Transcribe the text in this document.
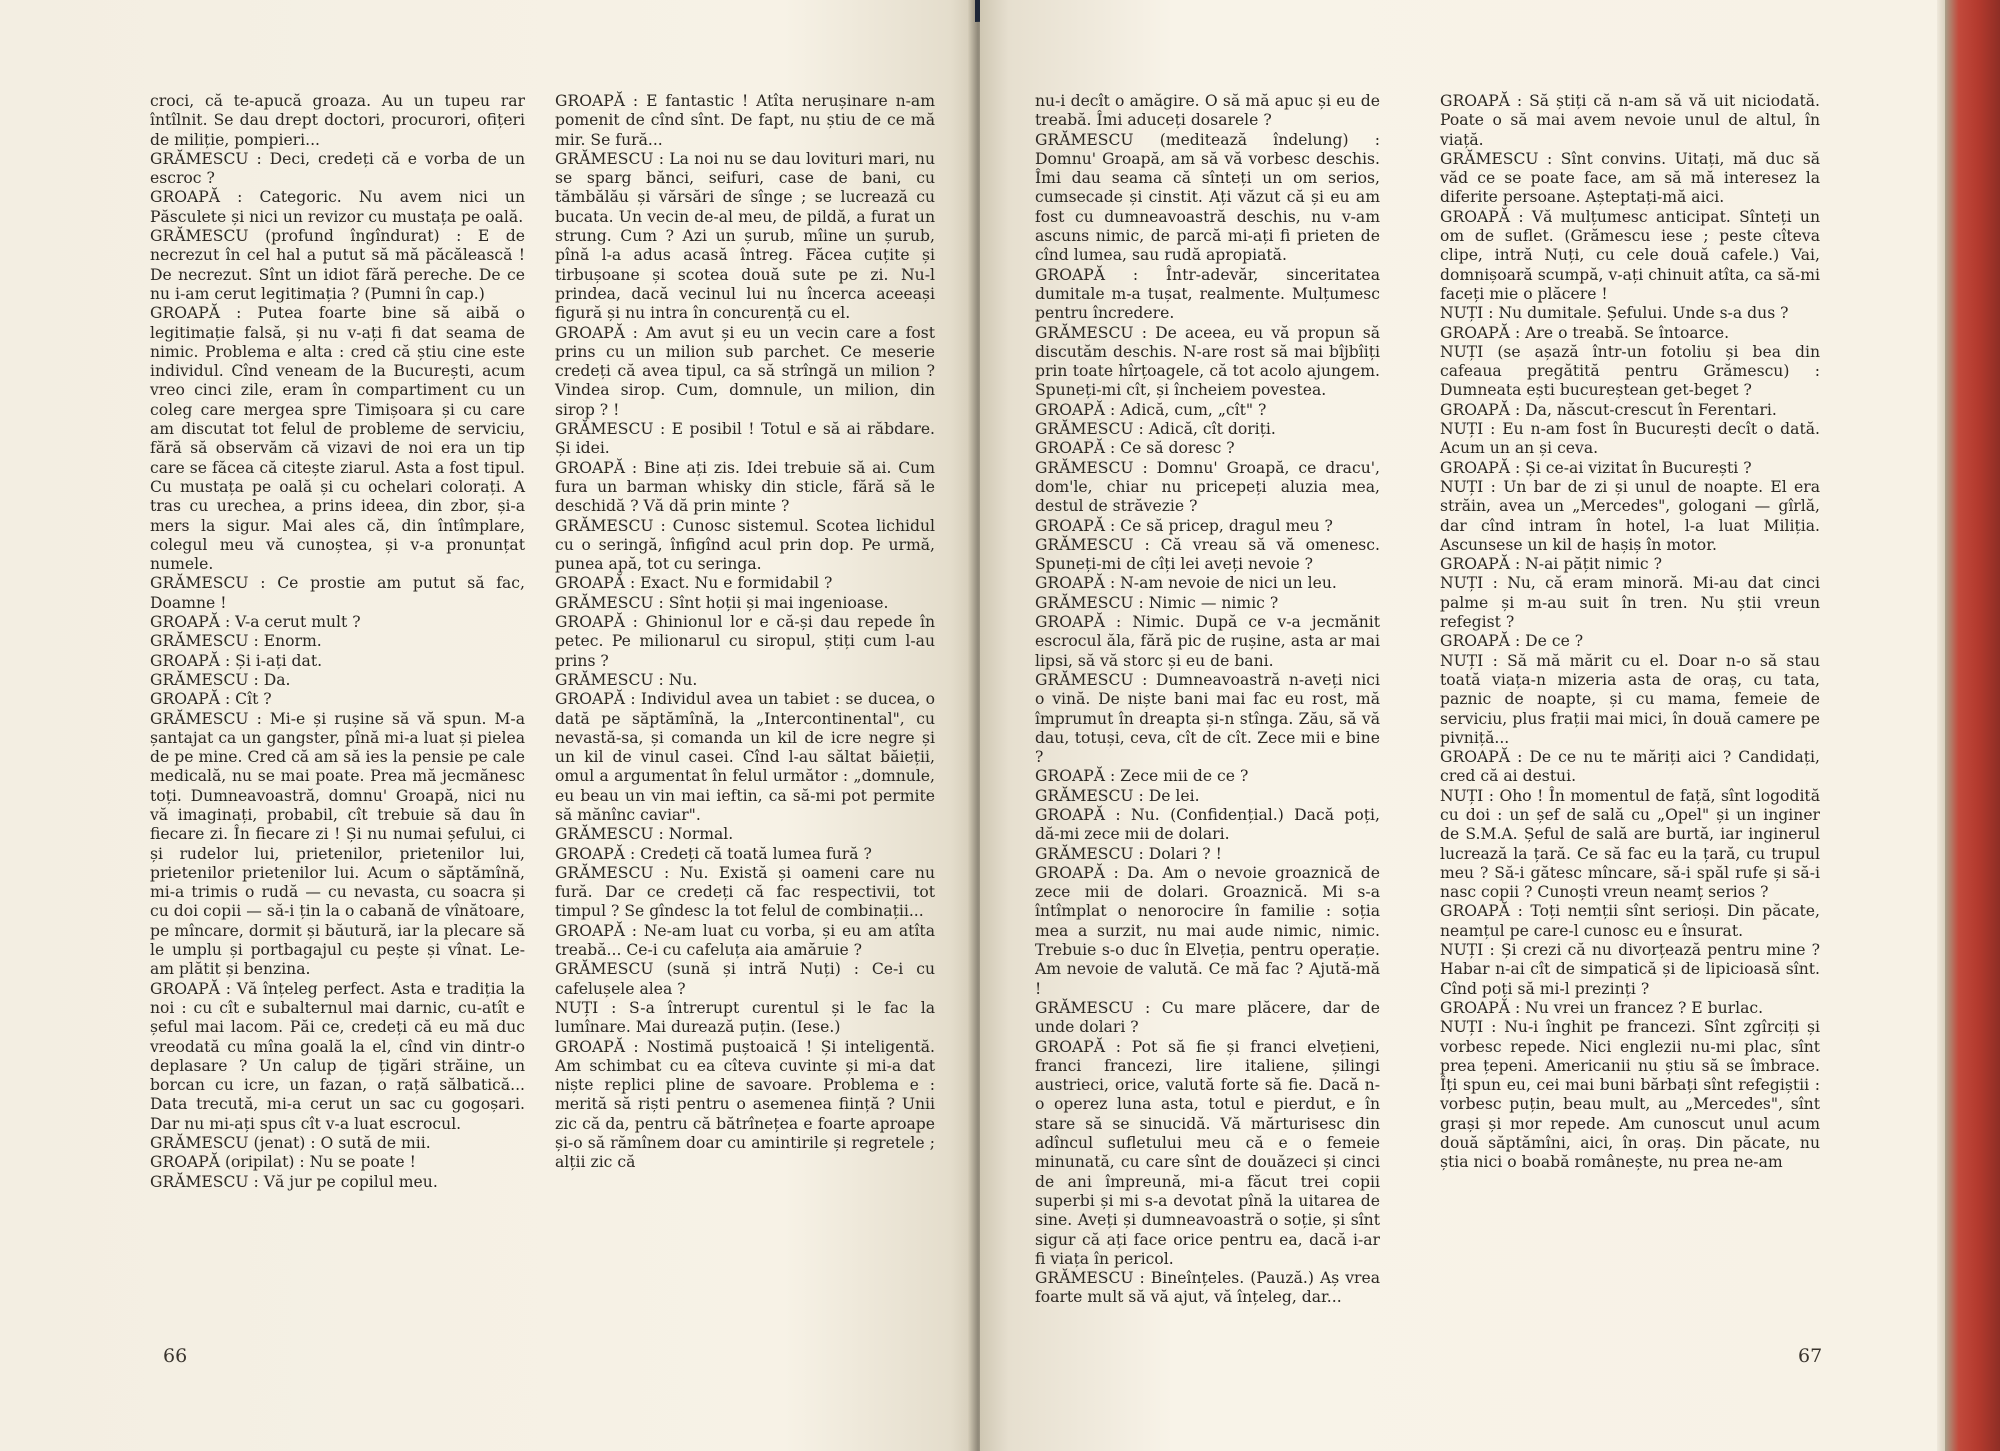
croci, că te-apucă groaza. Au un tupeu rar întîlnit. Se dau drept doctori, procurori, ofițeri de miliție, pompieri...

GRĂMESCU : Deci, credeți că e vorba de un escroc ?

GROAPĂ : Categoric. Nu avem nici un Păsculete și nici un revizor cu mustața pe oală.

GRĂMESCU (profund îngîndurat) : E de necrezut în cel hal a putut să mă păcălească ! De necrezut. Sînt un idiot fără pereche. De ce nu i-am cerut legitimația ? (Pumni în cap.)

GROAPĂ : Putea foarte bine să aibă o legitimație falsă, și nu v-ați fi dat seama de nimic. Problema e alta : cred că știu cine este individul. Cînd veneam de la București, acum vreo cinci zile, eram în compartiment cu un coleg care mergea spre Timișoara și cu care am discutat tot felul de probleme de serviciu, fără să observăm că vizavi de noi era un tip care se făcea că citește ziarul. Asta a fost tipul. Cu mustața pe oală și cu ochelari colorați. A tras cu urechea, a prins ideea, din zbor, și-a mers la sigur. Mai ales că, din întîmplare, colegul meu vă cunoștea, și v-a pronunțat numele.

GRĂMESCU : Ce prostie am putut să fac, Doamne !

GROAPĂ : V-a cerut mult ?

GRĂMESCU : Enorm.

GROAPĂ : Și i-ați dat.

GRĂMESCU : Da.

GROAPĂ : Cît ?

GRĂMESCU : Mi-e și rușine să vă spun. M-a șantajat ca un gangster, pînă mi-a luat și pielea de pe mine. Cred că am să ies la pensie pe cale medicală, nu se mai poate. Prea mă jecmănesc toți. Dumneavoastră, domnu' Groapă, nici nu vă imaginați, probabil, cît trebuie să dau în fiecare zi. În fiecare zi ! Și nu numai șefului, ci și rudelor lui, prietenilor, prietenilor lui, prietenilor prietenilor lui. Acum o săptămînă, mi-a trimis o rudă — cu nevasta, cu soacra și cu doi copii — să-i țin la o cabană de vînătoare, pe mîncare, dormit și băutură, iar la plecare să le umplu și portbagajul cu pește și vînat. Le-am plătit și benzina.

GROAPĂ : Vă înțeleg perfect. Asta e tradiția la noi : cu cît e subalternul mai darnic, cu-atît e șeful mai lacom. Păi ce, credeți că eu mă duc vreodată cu mîna goală la el, cînd vin dintr-o deplasare ? Un calup de țigări străine, un borcan cu icre, un fazan, o rață sălbatică... Data trecută, mi-a cerut un sac cu gogoșari. Dar nu mi-ați spus cît v-a luat escrocul.

GRĂMESCU (jenat) : O sută de mii.

GROAPĂ (oripilat) : Nu se poate !

GRĂMESCU : Vă jur pe copilul meu.

GROAPĂ : E fantastic ! Atîta nerușinare n-am pomenit de cînd sînt. De fapt, nu știu de ce mă mir. Se fură...

GRĂMESCU : La noi nu se dau lovituri mari, nu se sparg bănci, seifuri, case de bani, cu tămbălău și vărsări de sînge ; se lucrează cu bucata. Un vecin de-al meu, de pildă, a furat un strung. Cum ? Azi un șurub, mîine un șurub, pînă l-a adus acasă întreg. Făcea cuțite și tirbușoane și scotea două sute pe zi. Nu-l prindea, dacă vecinul lui nu încerca aceeași figură și nu intra în concurență cu el.

GROAPĂ : Am avut și eu un vecin care a fost prins cu un milion sub parchet. Ce meserie credeți că avea tipul, ca să strîngă un milion ? Vindea sirop. Cum, domnule, un milion, din sirop ? !

GRĂMESCU : E posibil ! Totul e să ai răbdare. Și idei.

GROAPĂ : Bine ați zis. Idei trebuie să ai. Cum fura un barman whisky din sticle, fără să le deschidă ? Vă dă prin minte ?

GRĂMESCU : Cunosc sistemul. Scotea lichidul cu o seringă, înfigînd acul prin dop. Pe urmă, punea apă, tot cu seringa.

GROAPĂ : Exact. Nu e formidabil ?

GRĂMESCU : Sînt hoții și mai ingenioase.

GROAPĂ : Ghinionul lor e că-și dau repede în petec. Pe milionarul cu siropul, știți cum l-au prins ?

GRĂMESCU : Nu.

GROAPĂ : Individul avea un tabiet : se ducea, o dată pe săptămînă, la „Intercontinental", cu nevastă-sa, și comanda un kil de icre negre și un kil de vinul casei. Cînd l-au săltat băieții, omul a argumentat în felul următor : „domnule, eu beau un vin mai ieftin, ca să-mi pot permite să mănînc caviar".

GRĂMESCU : Normal.

GROAPĂ : Credeți că toată lumea fură ?

GRĂMESCU : Nu. Există și oameni care nu fură. Dar ce credeți că fac respectivii, tot timpul ? Se gîndesc la tot felul de combinații...

GROAPĂ : Ne-am luat cu vorba, și eu am atîta treabă... Ce-i cu cafeluța aia amăruie ?

GRĂMESCU (sună și intră Nuți) : Ce-i cu cafelușele alea ?

NUȚI : S-a întrerupt curentul și le fac la lumînare. Mai durează puțin. (Iese.)

GROAPĂ : Nostimă puștoaică ! Și inteligentă. Am schimbat cu ea cîteva cuvinte și mi-a dat niște replici pline de savoare. Problema e : merită să riști pentru o asemenea ființă ? Unii zic că da, pentru că bătrînețea e foarte aproape și-o să rămînem doar cu amintirile și regretele ; alții zic că

66

nu-i decît o amăgire. O să mă apuc și eu de treabă. Îmi aduceți dosarele ?

GRĂMESCU (meditează îndelung) : Domnu' Groapă, am să vă vorbesc deschis. Îmi dau seama că sînteți un om serios, cumsecade și cinstit. Ați văzut că și eu am fost cu dumneavoastră deschis, nu v-am ascuns nimic, de parcă mi-ați fi prieten de cînd lumea, sau rudă apropiată.

GROAPĂ : Într-adevăr, sinceritatea dumitale m-a tușat, realmente. Mulțumesc pentru încredere.

GRĂMESCU : De aceea, eu vă propun să discutăm deschis. N-are rost să mai bîjbîiți prin toate hîrțoagele, că tot acolo ajungem. Spuneți-mi cît, și încheiem povestea.

GROAPĂ : Adică, cum, „cît" ?

GRĂMESCU : Adică, cît doriți.

GROAPĂ : Ce să doresc ?

GRĂMESCU : Domnu' Groapă, ce dracu', dom'le, chiar nu pricepeți aluzia mea, destul de străvezie ?

GROAPĂ : Ce să pricep, dragul meu ?

GRĂMESCU : Că vreau să vă omenesc. Spuneți-mi de cîți lei aveți nevoie ?

GROAPĂ : N-am nevoie de nici un leu.

GRĂMESCU : Nimic — nimic ?

GROAPĂ : Nimic. După ce v-a jecmănit escrocul ăla, fără pic de rușine, asta ar mai lipsi, să vă storc și eu de bani.

GRĂMESCU : Dumneavoastră n-aveți nici o vină. De niște bani mai fac eu rost, mă împrumut în dreapta și-n stînga. Zău, să vă dau, totuși, ceva, cît de cît. Zece mii e bine ?

GROAPĂ : Zece mii de ce ?

GRĂMESCU : De lei.

GROAPĂ : Nu. (Confidențial.) Dacă poți, dă-mi zece mii de dolari.

GRĂMESCU : Dolari ? !

GROAPĂ : Da. Am o nevoie groaznică de zece mii de dolari. Groaznică. Mi s-a întîmplat o nenorocire în familie : soția mea a surzit, nu mai aude nimic, nimic. Trebuie s-o duc în Elveția, pentru operație. Am nevoie de valută. Ce mă fac ? Ajută-mă !

GRĂMESCU : Cu mare plăcere, dar de unde dolari ?

GROAPĂ : Pot să fie și franci elvețieni, franci francezi, lire italiene, șilingi austrieci, orice, valută forte să fie. Dacă n-o operez luna asta, totul e pierdut, e în stare să se sinucidă. Vă mărturisesc din adîncul sufletului meu că e o femeie minunată, cu care sînt de douăzeci și cinci de ani împreună, mi-a făcut trei copii superbi și mi s-a devotat pînă la uitarea de sine. Aveți și dumneavoastră o soție, și sînt sigur că ați face orice pentru ea, dacă i-ar fi viața în pericol.

GRĂMESCU : Bineînțeles. (Pauză.) Aș vrea foarte mult să vă ajut, vă înțeleg, dar...

GROAPĂ : Să știți că n-am să vă uit niciodată. Poate o să mai avem nevoie unul de altul, în viață.

GRĂMESCU : Sînt convins. Uitați, mă duc să văd ce se poate face, am să mă interesez la diferite persoane. Așteptați-mă aici.

GROAPĂ : Vă mulțumesc anticipat. Sînteți un om de suflet. (Grămescu iese ; peste cîteva clipe, intră Nuți, cu cele două cafele.) Vai, domnișoară scumpă, v-ați chinuit atîta, ca să-mi faceți mie o plăcere !

NUȚI : Nu dumitale. Șefului. Unde s-a dus ?

GROAPĂ : Are o treabă. Se întoarce.

NUȚI (se așază într-un fotoliu și bea din cafeaua pregătită pentru Grămescu) : Dumneata ești bucureștean get-beget ?

GROAPĂ : Da, născut-crescut în Ferentari.

NUȚI : Eu n-am fost în București decît o dată. Acum un an și ceva.

GROAPĂ : Și ce-ai vizitat în București ?

NUȚI : Un bar de zi și unul de noapte. El era străin, avea un „Mercedes", gologani — gîrlă, dar cînd intram în hotel, l-a luat Miliția. Ascunsese un kil de hașiș în motor.

GROAPĂ : N-ai pățit nimic ?

NUȚI : Nu, că eram minoră. Mi-au dat cinci palme și m-au suit în tren. Nu știi vreun refegist ?

GROAPĂ : De ce ?

NUȚI : Să mă mărit cu el. Doar n-o să stau toată viața-n mizeria asta de oraș, cu tata, paznic de noapte, și cu mama, femeie de serviciu, plus frații mai mici, în două camere pe pivniță...

GROAPĂ : De ce nu te măriți aici ? Candidați, cred că ai destui.

NUȚI : Oho ! În momentul de față, sînt logodită cu doi : un șef de sală cu „Opel" și un inginer de S.M.A. Șeful de sală are burtă, iar inginerul lucrează la țară. Ce să fac eu la țară, cu trupul meu ? Să-i gătesc mîncare, să-i spăl rufe și să-i nasc copii ? Cunoști vreun neamț serios ?

GROAPĂ : Toți nemții sînt serioși. Din păcate, neamțul pe care-l cunosc eu e însurat.

NUȚI : Și crezi că nu divorțează pentru mine ? Habar n-ai cît de simpatică și de lipicioasă sînt. Cînd poți să mi-l prezinți ?

GROAPĂ : Nu vrei un francez ? E burlac.

NUȚI : Nu-i înghit pe francezi. Sînt zgîrciți și vorbesc repede. Nici englezii nu-mi plac, sînt prea țepeni. Americanii nu știu să se îmbrace. Îți spun eu, cei mai buni bărbați sînt refegiștii : vorbesc puțin, beau mult, au „Mercedes", sînt grași și mor repede. Am cunoscut unul acum două săptămîni, aici, în oraș. Din păcate, nu știa nici o boabă românește, nu prea ne-am

67
